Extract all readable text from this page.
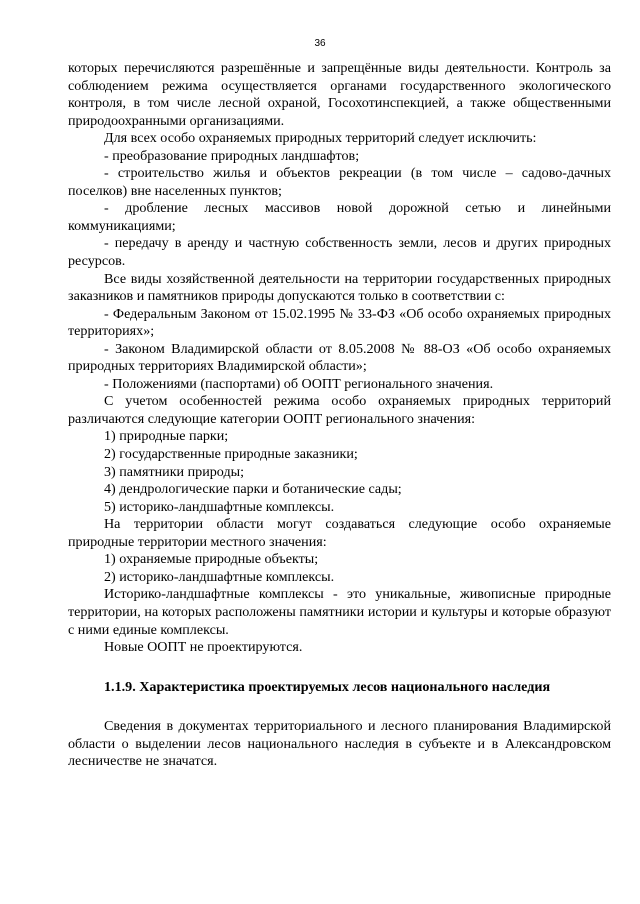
36

которых перечисляются разрешённые и запрещённые виды деятельности. Контроль за соблюдением режима осуществляется органами государственного экологического контроля, в том числе лесной охраной, Госохотинспекцией, а также общественными природоохранными организациями.

Для всех особо охраняемых природных территорий следует исключить:

- преобразование природных ландшафтов;

- строительство жилья и объектов рекреации (в том числе – садово-дачных поселков) вне населенных пунктов;

- дробление лесных массивов новой дорожной сетью и линейными коммуникациями;

- передачу в аренду и частную собственность земли, лесов и других природных ресурсов.

Все виды хозяйственной деятельности на территории государственных природных заказников и памятников природы допускаются только в соответствии с:

- Федеральным Законом от 15.02.1995 № 33-ФЗ «Об особо охраняемых природных территориях»;

- Законом Владимирской области от 8.05.2008 № 88-ОЗ «Об особо охраняемых природных территориях Владимирской области»;

- Положениями (паспортами) об ООПТ регионального значения.

С учетом особенностей режима особо охраняемых природных территорий различаются следующие категории ООПТ регионального значения:

1) природные парки;

2) государственные природные заказники;

3) памятники природы;

4) дендрологические парки и ботанические сады;

5) историко-ландшафтные комплексы.

На территории области могут создаваться следующие особо охраняемые природные территории местного значения:

1) охраняемые природные объекты;

2) историко-ландшафтные комплексы.

Историко-ландшафтные комплексы - это уникальные, живописные природные территории, на которых расположены памятники истории и культуры и которые образуют с ними единые комплексы.

Новые ООПТ не проектируются.

1.1.9. Характеристика проектируемых лесов национального наследия

Сведения в документах территориального и лесного планирования Владимирской области о выделении лесов национального наследия в субъекте и в Александровском лесничестве не значатся.
